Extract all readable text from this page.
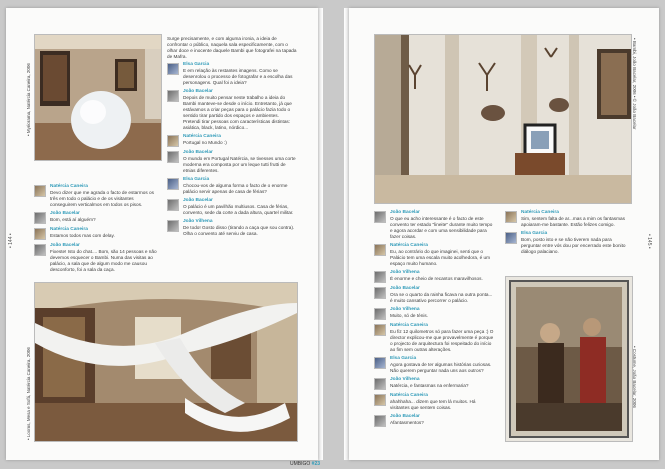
• 144 •
• Myriorama, Natércia Caneira, 2006
Natércia Caneira
Devo dizer que me agrada o facto de estarmos os três em todo o palácio e de os visitantes conseguirem verticalmos em todos os pisos.
João Bacelar
Bom, está aí alguém?
Natércia Caneira
Estamos todos mas com delay.
João Bacelar
Fixeste! Isto do chat.... Bom, são 14 pessoas e não devemos esquecer o Bambi. Numa das visitas ao palácio, a sala que de algum modo me causou desconforto, foi a sala da caça.

Surge precisamente, e com alguma ironia, a ideia de confrontar o público, naquela sala especificamente, com o olhar doce e inocente daquele Bambi que fotografei na tapada de Mafra.

Elsa Garcia
E em relação às restantes imagens. Como se desenrolou o processo de fotografar e a escolha das personagens. Qual foi a ideia?
João Bacelar
Depois de muito pensar neste trabalho a ideia do Bambi manteve-se desde o início. Entretanto, já que estávamos a criar peças para o palácio fazia todo o sentido tirar partido dos espaços e ambientes. Pretendi tirar pessoas com características distintas: asiática, black, latino, nórdico...
Natércia Caneira
Portugal no Mundo :)
João Bacelar
O mundo em Portugal Natércia, se tivesses uma corte moderna era composta por um leque tutti frutti de etnias diferentes.
Elsa Garcia
Chocou-vos de alguma forma o facto de o enorme palácio servir apenas de casa de férias?
João Bacelar
O palácio é um pavilhão multiusos. Casa de férias, convento, sede da corte a dada altura, quartel militar.
João Vilhena
De todo! Gosto disso (tirando a caça que sou contra). Olha o convento até serviu de casa.
• Looms, Mesa e Sofá, Natércia Caneira, 2006
• 145 •
• Bambi, João Bacelar, 2006 • © João Bacelar
João Bacelar
O que eu acho interessante é o facto de este convento ter estado "lineite" durante muito tempo e agora acordar e com uma sensibilidade para fazer coisas.
Natércia Caneira
Eu, ao contrário do que imaginei, senti que o Palácio tem uma escala muito acolhedora, é um espaço muito humano.
João Vilhena
É enorme e cheio de recantos maravilhosos.
João Bacelar
Ora se o quarto da rainha ficava na outra ponta... é muito cansativo percorrer o palácio.
João Vilhena
Muito, só de ténis.
Natércia Caneira
Eu fiz 12 quilometros só para fazer uma peça :) O director explicou-me que provavelmente é porque o projecto de arquitectura foi respeitado do início ao fim sem outras alterações.
Elsa Garcia
Agora gostava de ter algumas histórias curiosas. Não querem perguntar nada uns aos outros?
João Vilhena
Natércia, e fantasmas na enfermaria?
Natércia Caneira
ahahhaha... dizem que tem lá muitos. Há visitantes que sentem coisas.
João Bacelar
Afantasmentos?
Natércia Caneira
Sim, sentem falta de ar...mas a mim os fantasmas apoiaram-me bastante. Estão felizes comigo.
Elsa Garcia
Bom, posto isto e se não tiverem nada para perguntar entre vós dou por encerrado este bonito diálogo palaciano.
• Costume, João Bacelar, 2006
UMBIGO #23
